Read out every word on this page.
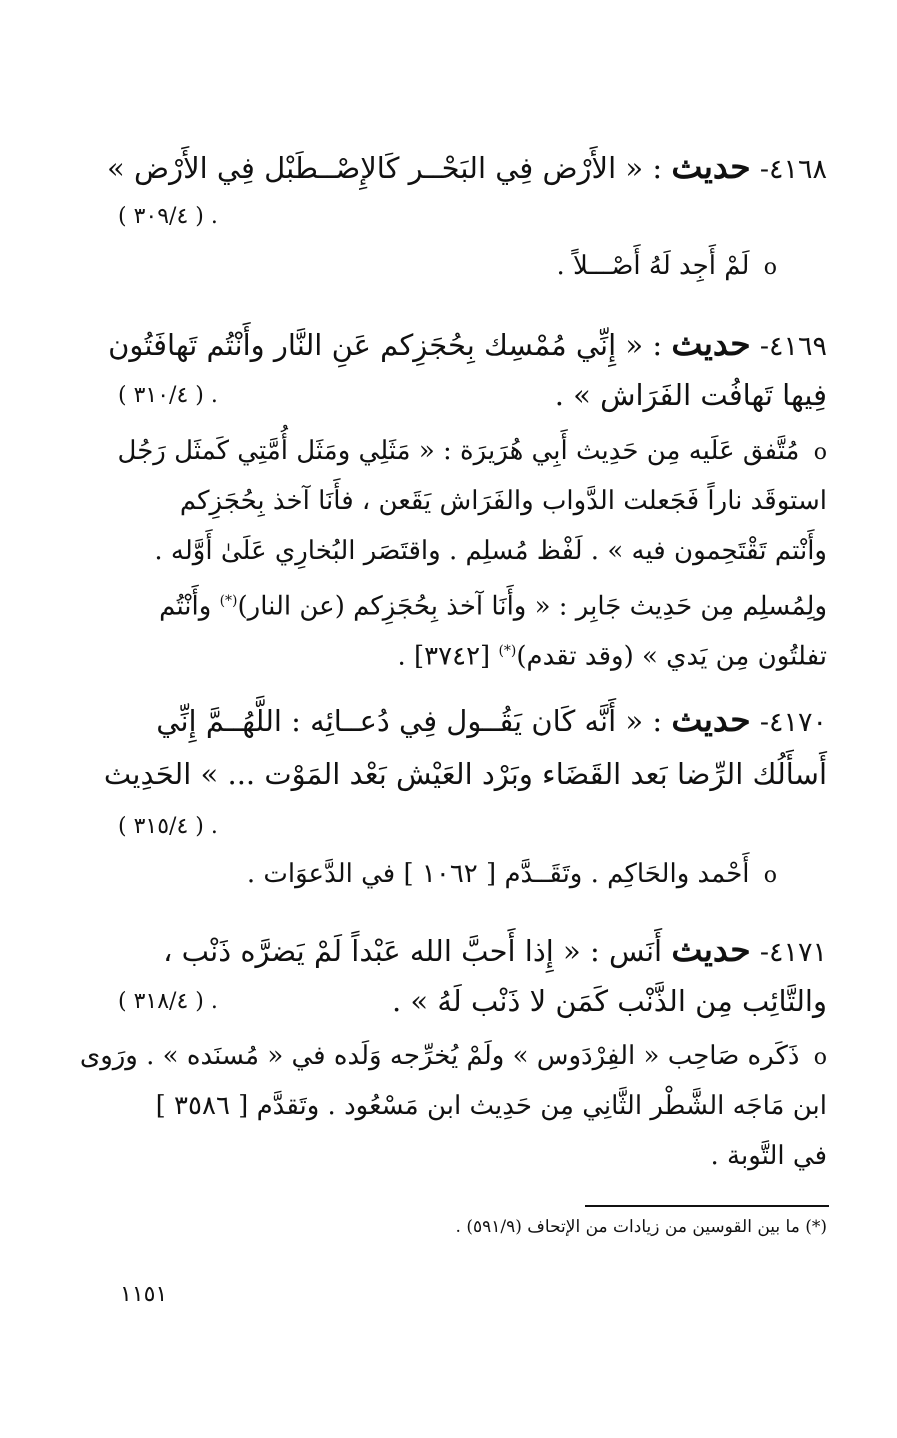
٤١٦٨- حديث : « الأَرْض فِي البَحْــر كَالإِصْــطَبْل فِي الأَرْض »
. ( ٣٠٩/٤ )
o لَمْ أَجِد لَهُ أَصْـــلاً .
٤١٦٩- حديث : « إِنِّي مُمْسِك بِحُجَزِكم عَنِ النَّار وأَنْتُم تَهافَتُون
فِيها تَهافُت الفَرَاش » .
. ( ٣١٠/٤ )
o مُتَّفق عَلَيه مِن حَدِيث أَبِي هُرَيرَة : « مَثَلِي ومَثَل أُمَّتِي كَمثَل رَجُل
استوقَد ناراً فَجَعلت الدَّواب والفَرَاش يَقَعن ، فأَنَا آخذ بِحُجَزِكم
وأَنْتم تَقْتَحِمون فيه » . لَفْظ مُسلِم . واقتَصَر البُخارِي عَلَىٰ أَوَّله .
ولِمُسلِم مِن حَدِيث جَابِر : « وأَنَا آخذ بِحُجَزِكم (عن النار)(*) وأَنْتُم
تفلتُون مِن يَدي » (وقد تقدم)(*) [٣٧٤٢] .
٤١٧٠- حديث : « أَنَّه كَان يَقُــول فِي دُعــائِه : اللَّهُــمَّ إِنِّي
أَسأَلُك الرِّضا بَعد القَضَاء وبَرْد العَيْش بَعْد المَوْت ... » الحَدِيث
. ( ٣١٥/٤ )
o أَحْمد والحَاكِم . وتَقَــدَّم [ ١٠٦٢ ] في الدَّعوَات .
٤١٧١- حديث أَنَس : « إِذا أَحبَّ الله عَبْداً لَمْ يَضرَّه ذَنْب ،
والتَّائِب مِن الذَّنْب كَمَن لا ذَنْب لَهُ » .
. ( ٣١٨/٤ )
o ذَكَره صَاحِب « الفِرْدَوس » ولَمْ يُخرِّجه وَلَده في « مُسنَده » . ورَوى
ابن مَاجَه الشَّطْر الثَّانِي مِن حَدِيث ابن مَسْعُود . وتَقدَّم [ ٣٥٨٦ ]
في التَّوبة .
(*) ما بين القوسين من زيادات من الإتحاف (٥٩١/٩) .
١١٥١
